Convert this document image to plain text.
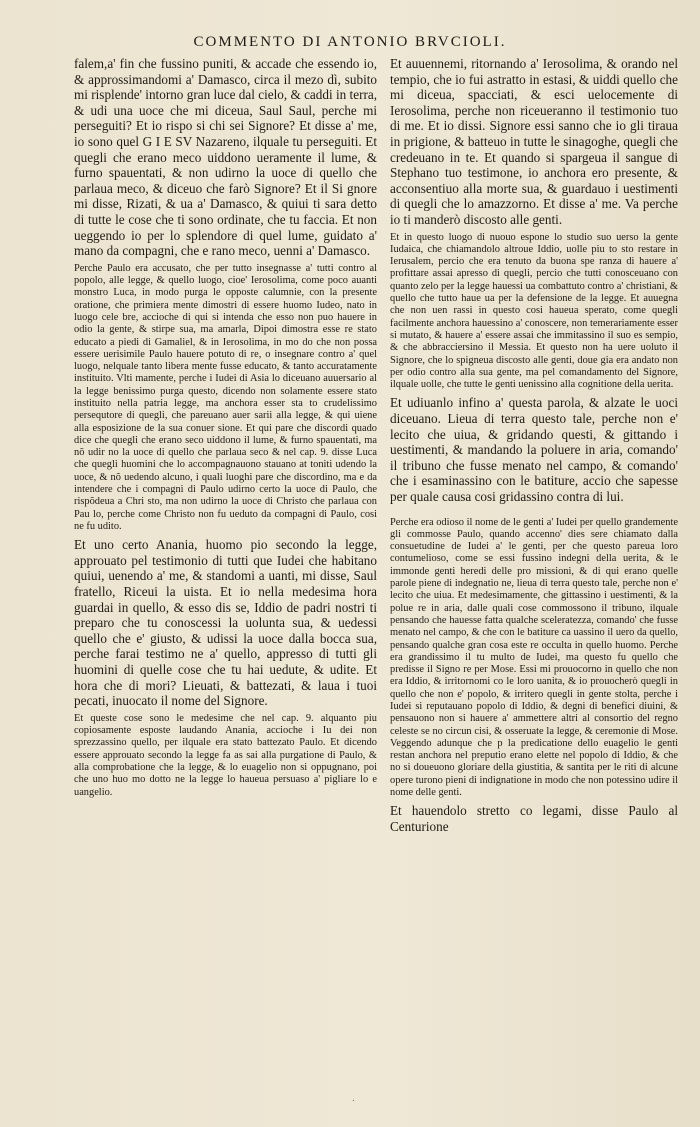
COMMENTO DI ANTONIO BRVCIOLI.

falem,a' fin che fussino puniti, & accade che essendo io, & approssimandomi a' Damasco, circa il mezo dì, subito mi risplende' intorno gran luce dal cielo, & caddi in terra, & udi una uoce che mi diceua, Saul Saul, perche mi perseguiti? Et io rispo si chi sei Signore? Et disse a' me, io sono quel G I E SV Nazareno, ilquale tu perseguiti. Et quegli che erano meco uiddono ueramente il lume, & furno spauentati, & non udirno la uoce di quello che parlaua meco, & diceuo che farò Signore? Et il Si gnore mi disse, Rizati, & ua a' Damasco, & quiui ti sara detto di tutte le cose che ti sono ordinate, che tu faccia. Et non ueggendo io per lo splendore di quel lume, guidato a' mano da compagni, che e rano meco, uenni a' Damasco.

Perche Paulo era accusato, che per tutto insegnasse a' tutti contro al popolo, alle legge, & quello luogo, cioe' Ierosolima, come poco auanti monstro Luca, in modo purga le opposte calumnie, con la presente oratione, che primiera mente dimostri di essere huomo Iudeo, nato in luogo cele bre, accioche di qui si intenda che esso non puo hauere in odio la gente, & stirpe sua, ma amarla, Dipoi dimostra esse re stato educato a piedi di Gamaliel, & in Ierosolima, in mo do che non possa essere uerisimile Paulo hauere potuto di re, o insegnare contro a' quel luogo, nelquale tanto libera mente fusse educato, & tanto accuratamente instituito. Vlti mamente, perche i Iudei di Asia lo diceuano auuersario al la legge benissimo purga questo, dicendo non solamente essere stato instituito nella patria legge, ma anchora esser sta to crudelissimo persequtore di quegli, che pareuano auer sarii alla legge, & qui uiene alla esposizione de la sua conuer sione. Et qui pare che discordi quado dice che quegli che erano seco uiddono il lume, & furno spauentati, ma nõ udir no la uoce di quello che parlaua seco & nel cap. 9. disse Luca che quegli huomini che lo accompagnauono stauano at toniti udendo la uoce, & nõ uedendo alcuno, i quali luoghi pare che discordino, ma e da intendere che i compagni di Paulo udirno certo la uoce di Paulo, che rispõdeua a Chri sto, ma non udirno la uoce di Christo che parlaua con Pau lo, perche come Christo non fu ueduto da compagni di Paulo, cosi ne fu udito.

Et uno certo Anania, huomo pio secondo la legge, approuato pel testimonio di tutti que Iudei che habitano quiui, uenendo a' me, & standomi a uanti, mi disse, Saul fratello, Riceui la uista. Et io nella medesima hora guardai in quello, & esso dis se, Iddio de padri nostri ti preparo che tu conoscessi la uolunta sua, & uedessi quello che e' giusto, & udissi la uoce dalla bocca sua, perche farai testimo ne a' quello, appresso di tutti gli huomini di quelle cose che tu hai uedute, & udite. Et hora che di mori? Lieuati, & battezati, & laua i tuoi pecati, inuocato il nome del Signore.

Et queste cose sono le medesime che nel cap. 9. alquanto piu copiosamente esposte laudando Anania, accioche i Iu dei non sprezzassino quello, per ilquale era stato battezato Paulo. Et dicendo essere approuato secondo la legge fa as sai alla purgatione di Paulo, & alla comprobatione che la legge, & lo euagelio non si oppugnano, poi che uno huo mo dotto ne la legge lo haueua persuaso a' pigliare lo e uangelio.

Et auuennemi, ritornando a' Ierosolima, & orando nel tempio, che io fui astratto in estasi, & uiddi quello che mi diceua, spacciati, & esci uelocemente di Ierosolima, perche non riceueranno il testimonio tuo di me. Et io dissi. Signore essi sanno che io gli tiraua in prigione, & batteuo in tutte le sinagoghe, quegli che credeuano in te. Et quando si spargeua il sangue di Stephano tuo testimone, io anchora ero presente, & acconsentiuo alla morte sua, & guardauo i uestimenti di quegli che lo amazzorno. Et disse a' me. Va perche io ti manderò discosto alle genti.

Et in questo luogo di nuouo espone lo studio suo uerso la gente Iudaica, che chiamandolo altroue Iddio, uolle piu to sto restare in Ierusalem, percio che era tenuto da buona spe ranza di hauere a' profittare assai apresso di quegli, percio che tutti conosceuano con quanto zelo per la legge hauessi ua combattuto contro a' christiani, & quello che tutto haue ua per la defensione de la legge. Et auuegna che non uen rassi in questo cosi haueua sperato, come quegli facilmente anchora hauessino a' conoscere, non temerariamente esser si mutato, & hauere a' essere assai che immitassino il suo es sempio, & che abbracciersino il Messia. Et questo non ha uere uoluto il Signore, che lo spigneua discosto alle genti, doue gia era andato non per odio contro alla sua gente, ma pel comandamento del Signore, ilquale uolle, che tutte le genti uenissino alla cognitione della uerita.

Et udiuanlo infino a' questa parola, & alzate le uoci diceuano. Lieua di terra questo tale, perche non e' lecito che uiua, & gridando questi, & gittando i uestimenti, & mandando la poluere in aria, comando' il tribuno che fusse menato nel campo, & comando' che i esaminassino con le batiture, accio che sapesse per quale causa cosi gridassino contra di lui.

Perche era odioso il nome de le genti a' Iudei per quello grandemente gli commosse Paulo, quando accenno' dies sere chiamato dalla consuetudine de Iudei a' le genti, per che questo pareua loro contumelioso, come se essi fussino indegni della uerita, & le immonde genti heredi delle pro missioni, & di qui erano quelle parole piene di indegnatio ne, lieua di terra questo tale, perche non e' lecito che uiua. Et medesimamente, che gittassino i uestimenti, & la polue re in aria, dalle quali cose commossono il tribuno, ilquale pensando che hauesse fatta qualche sceleratezza, comando' che fusse menato nel campo, & che con le batiture ca uassino il uero da quello, pensando qualche gran cosa este re occulta in quello huomo. Perche era grandissimo il tu multo de Iudei, ma questo fu quello che predisse il Signo re per Mose. Essi mi prouocorno in quello che non era Iddio, & irritornomi co le loro uanita, & io prouocherò quegli in quello che non e' popolo, & irritero quegli in gente stolta, perche i Iudei si reputauano popolo di Iddio, & degni di benefici diuini, & pensauono non si hauere a' ammettere altri al consortio del regno celeste se no circun cisi, & osseruate la legge, & ceremonie di Mose. Veggendo adunque che p la predicatione dello euagelio le genti restan anchora nel preputio erano elette nel popolo di Iddio, & che no si doueuono gloriare della giustitia, & santita per le riti di alcune opere turono pieni di indignatione in modo che non potessino udire il nome delle genti.

Et hauendolo stretto co legami, disse Paulo al Centurione

.
